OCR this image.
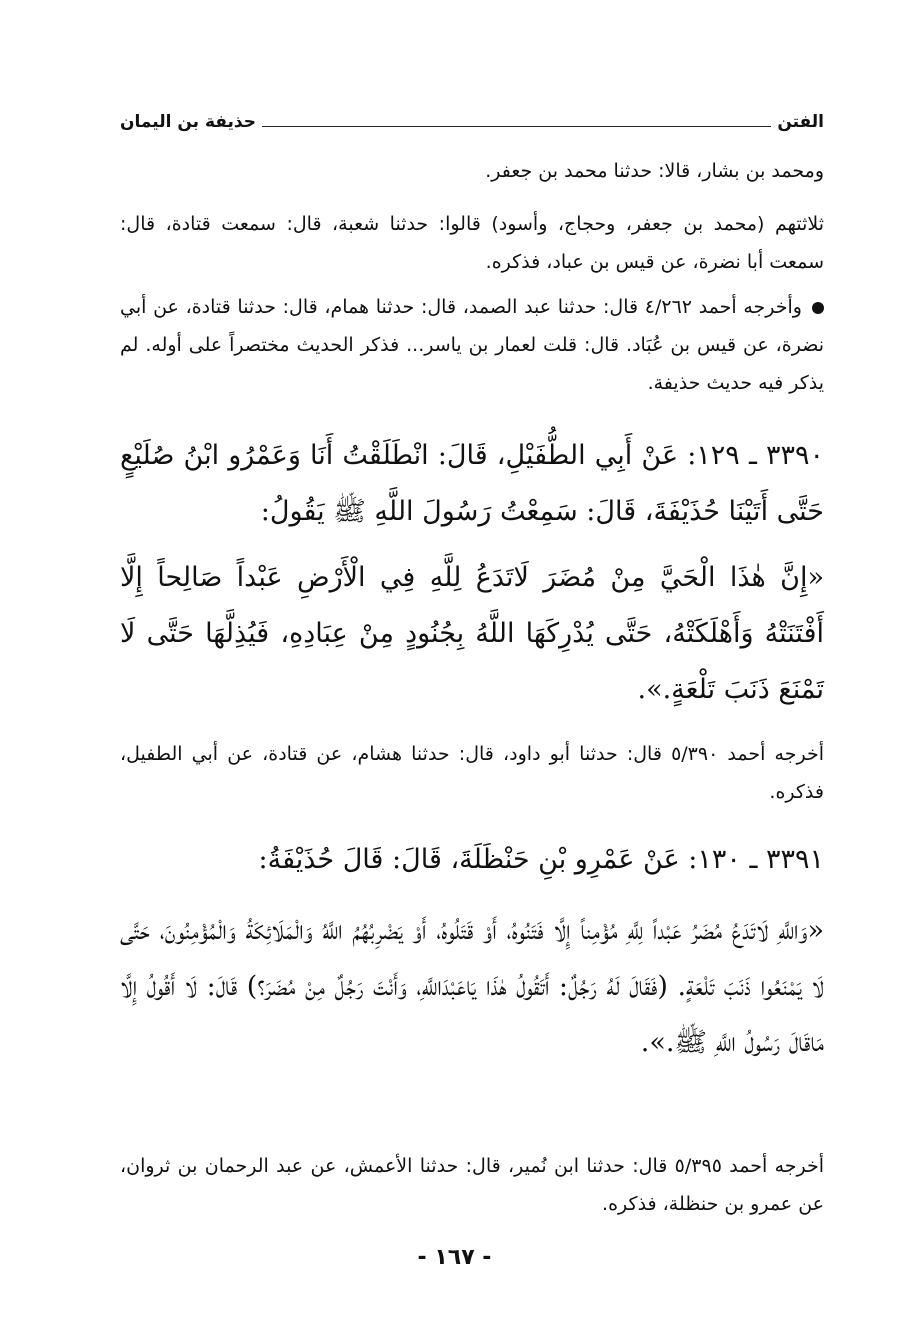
الفتن
حذيفة بن اليمان
ومحمد بن بشار، قالا: حدثنا محمد بن جعفر.
ثلاثتهم (محمد بن جعفر، وحجاج، وأسود) قالوا: حدثنا شعبة، قال: سمعت قتادة، قال: سمعت أبا نضرة، عن قيس بن عباد، فذكره.
وأخرجه أحمد ٤/٢٦٢ قال: حدثنا عبد الصمد، قال: حدثنا همام، قال: حدثنا قتادة، عن أبي نضرة، عن قيس بن عُبَاد. قال: قلت لعمار بن ياسر... فذكر الحديث مختصراً على أوله. لم يذكر فيه حديث حذيفة.
٣٣٩٠ ـ ١٢٩: عَنْ أَبِي الطُّفَيْلِ، قَالَ: انْطَلَقْتُ أَنَا وَعَمْرُو ابْنُ صُلَيْعٍ حَتَّى أَتَيْنَا حُذَيْفَةَ، قَالَ: سَمِعْتُ رَسُولَ اللَّهِ ﷺ يَقُولُ:
«إِنَّ هٰذَا الْحَيَّ مِنْ مُضَرَ لَاتَدَعُ لِلَّهِ فِي الْأَرْضِ عَبْداً صَالِحاً إِلَّا أَفْتَنَتْهُ وَأَهْلَكَتْهُ، حَتَّى يُدْرِكَهَا اللَّهُ بِجُنُودٍ مِنْ عِبَادِهِ، فَيُذِلَّهَا حَتَّى لَا تَمْنَعَ ذَنَبَ تَلْعَةٍ.».
أخرجه أحمد ٥/٣٩٠ قال: حدثنا أبو داود، قال: حدثنا هشام، عن قتادة، عن أبي الطفيل، فذكره.
٣٣٩١ ـ ١٣٠: عَنْ عَمْرِو بْنِ حَنْظَلَةَ، قَالَ: قَالَ حُذَيْفَةُ:
«وَاللَّهِ لَاتَدَعُ مُضَرُ عَبْداً لِلَّهِ مُؤْمِناً إِلَّا فَتَنُوهُ، أَوْ قَتَلُوهُ، أَوْ يَضْرِبُهُمُ اللَّهُ وَالْمَلَائِكَةُ وَالْمُؤْمِنُونَ، حَتَّى لَا يَمْنَعُوا ذَنَبَ تَلْعَةٍ. (فَقَالَ لَهُ رَجُلٌ: أَتَقُولُ هٰذَا يَاعَبْدَاللَّهِ، وَأَنْتَ رَجُلٌ مِنْ مُضَرَ؟) قَالَ: لَا أَقُولُ إِلَّا مَاقَالَ رَسُولُ اللَّهِ ﷺ.».
أخرجه أحمد ٥/٣٩٥ قال: حدثنا ابن نُمير، قال: حدثنا الأعمش، عن عبد الرحمان بن ثروان، عن عمرو بن حنظلة، فذكره.
- ١٦٧ -
